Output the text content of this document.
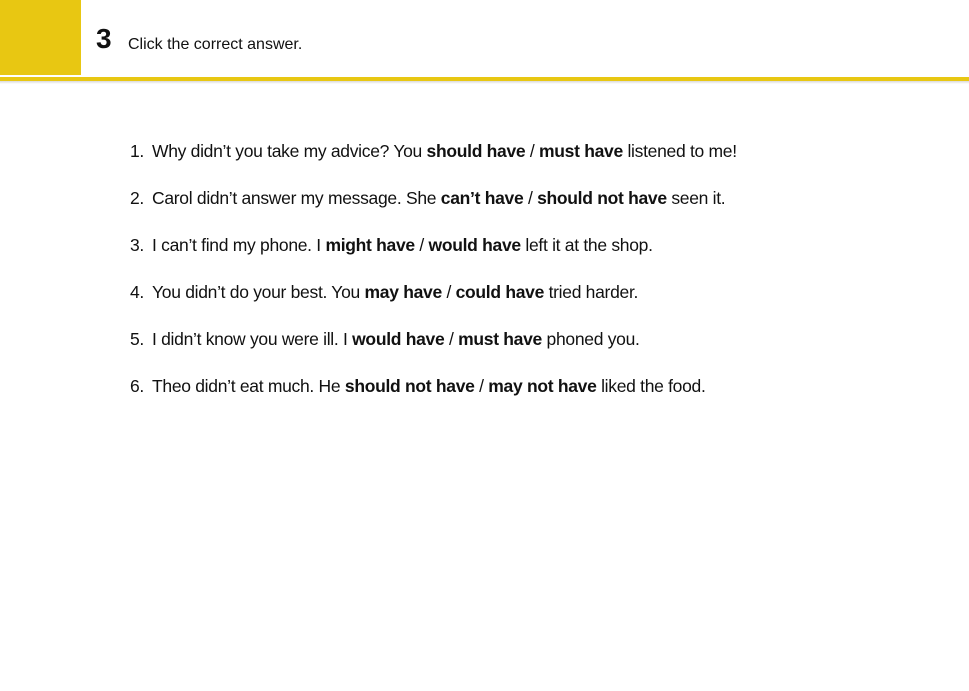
3 Click the correct answer.
1. Why didn’t you take my advice? You should have / must have listened to me!
2. Carol didn’t answer my message. She can’t have / should not have seen it.
3. I can’t find my phone. I might have / would have left it at the shop.
4. You didn’t do your best. You may have / could have tried harder.
5. I didn’t know you were ill. I would have / must have phoned you.
6. Theo didn’t eat much. He should not have / may not have liked the food.
